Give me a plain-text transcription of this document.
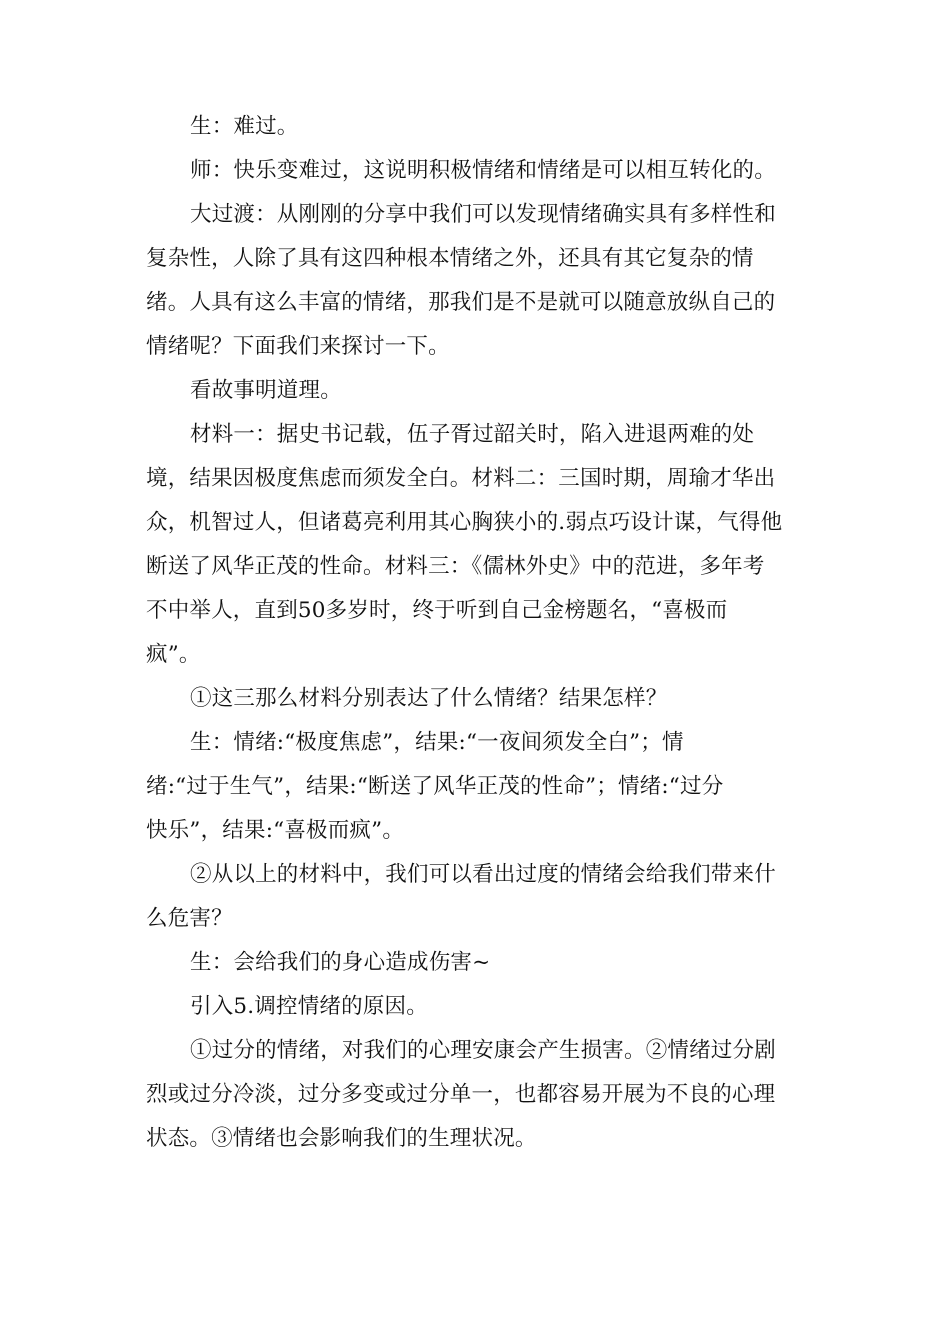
生：难过。
师：快乐变难过，这说明积极情绪和情绪是可以相互转化的。
大过渡：从刚刚的分享中我们可以发现情绪确实具有多样性和
复杂性，人除了具有这四种根本情绪之外，还具有其它复杂的情
绪。人具有这么丰富的情绪，那我们是不是就可以随意放纵自己的
情绪呢？下面我们来探讨一下。
看故事明道理。
材料一：据史书记载，伍子胥过韶关时，陷入进退两难的处
境，结果因极度焦虑而须发全白。材料二：三国时期，周瑜才华出
众，机智过人，但诸葛亮利用其心胸狭小的.弱点巧设计谋，气得他
断送了风华正茂的性命。材料三：《儒林外史》中的范进，多年考
不中举人，直到50多岁时，终于听到自己金榜题名，“喜极而
疯”。
①这三那么材料分别表达了什么情绪？结果怎样？
生：情绪:“极度焦虑”，结果:“一夜间须发全白”；情
绪:“过于生气”，结果:“断送了风华正茂的性命”；情绪:“过分
快乐”，结果:“喜极而疯”。
②从以上的材料中，我们可以看出过度的情绪会给我们带来什
么危害？
生：会给我们的身心造成伤害~
引入5.调控情绪的原因。
①过分的情绪，对我们的心理安康会产生损害。②情绪过分剧
烈或过分冷淡，过分多变或过分单一，也都容易开展为不良的心理
状态。③情绪也会影响我们的生理状况。
